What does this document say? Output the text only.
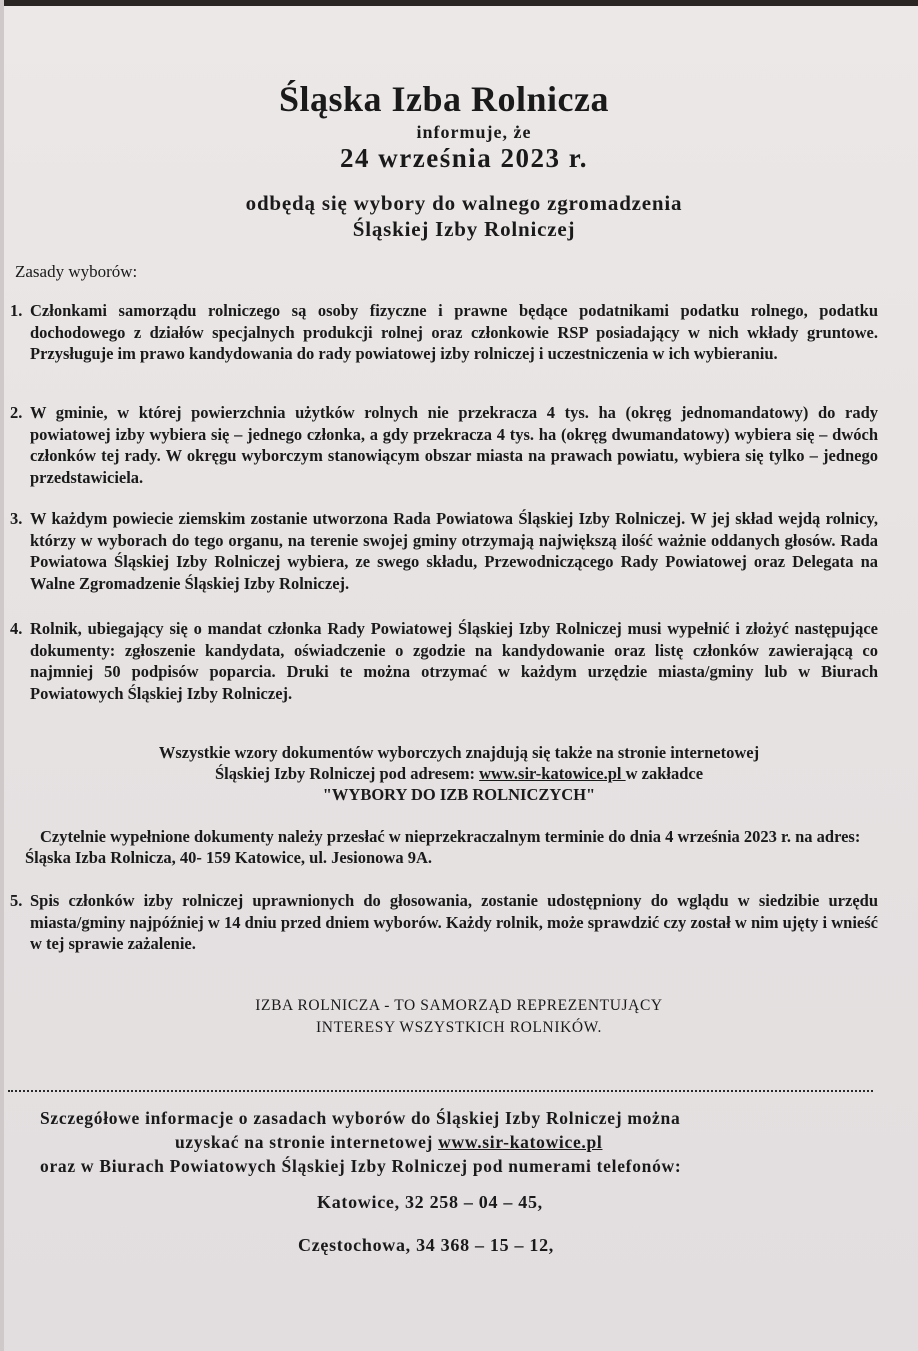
Śląska Izba Rolnicza
informuje, że
24 września 2023 r.
odbędą się wybory do walnego zgromadzenia
Śląskiej Izby Rolniczej
Zasady wyborów:
1. Członkami samorządu rolniczego są osoby fizyczne i prawne będące podatnikami podatku rolnego, podatku dochodowego z działów specjalnych produkcji rolnej oraz członkowie RSP posiadający w nich wkłady gruntowe. Przysługuje im prawo kandydowania do rady powiatowej izby rolniczej i uczestniczenia w ich wybieraniu.
2. W gminie, w której powierzchnia użytków rolnych nie przekracza 4 tys. ha (okręg jednomandatowy) do rady powiatowej izby wybiera się – jednego członka, a gdy przekracza 4 tys. ha (okręg dwumandatowy) wybiera się – dwóch członków tej rady. W okręgu wyborczym stanowiącym obszar miasta na prawach powiatu, wybiera się tylko – jednego przedstawiciela.
3. W każdym powiecie ziemskim zostanie utworzona Rada Powiatowa Śląskiej Izby Rolniczej. W jej skład wejdą rolnicy, którzy w wyborach do tego organu, na terenie swojej gminy otrzymają największą ilość ważnie oddanych głosów. Rada Powiatowa Śląskiej Izby Rolniczej wybiera, ze swego składu, Przewodniczącego Rady Powiatowej oraz Delegata na Walne Zgromadzenie Śląskiej Izby Rolniczej.
4. Rolnik, ubiegający się o mandat członka Rady Powiatowej Śląskiej Izby Rolniczej musi wypełnić i złożyć następujące dokumenty: zgłoszenie kandydata, oświadczenie o zgodzie na kandydowanie oraz listę członków zawierającą co najmniej 50 podpisów poparcia. Druki te można otrzymać w każdym urzędzie miasta/gminy lub w Biurach Powiatowych Śląskiej Izby Rolniczej.
Wszystkie wzory dokumentów wyborczych znajdują się także na stronie internetowej
Śląskiej Izby Rolniczej pod adresem: www.sir-katowice.pl w zakładce
"WYBORY DO IZB ROLNICZYCH"
Czytelnie wypełnione dokumenty należy przesłać w nieprzekraczalnym terminie do dnia 4 września 2023 r. na adres: Śląska Izba Rolnicza, 40- 159 Katowice, ul. Jesionowa 9A.
5. Spis członków izby rolniczej uprawnionych do głosowania, zostanie udostępniony do wglądu w siedzibie urzędu miasta/gminy najpóźniej w 14 dniu przed dniem wyborów. Każdy rolnik, może sprawdzić czy został w nim ujęty i wnieść w tej sprawie zażalenie.
IZBA ROLNICZA - TO SAMORZĄD REPREZENTUJĄCY
INTERESY WSZYSTKICH ROLNIKÓW.
Szczegółowe informacje o zasadach wyborów do Śląskiej Izby Rolniczej można
uzyskać na stronie internetowej www.sir-katowice.pl
oraz w Biurach Powiatowych Śląskiej Izby Rolniczej pod numerami telefonów:
Katowice, 32 258 – 04 – 45,
Częstochowa, 34 368 – 15 – 12,
